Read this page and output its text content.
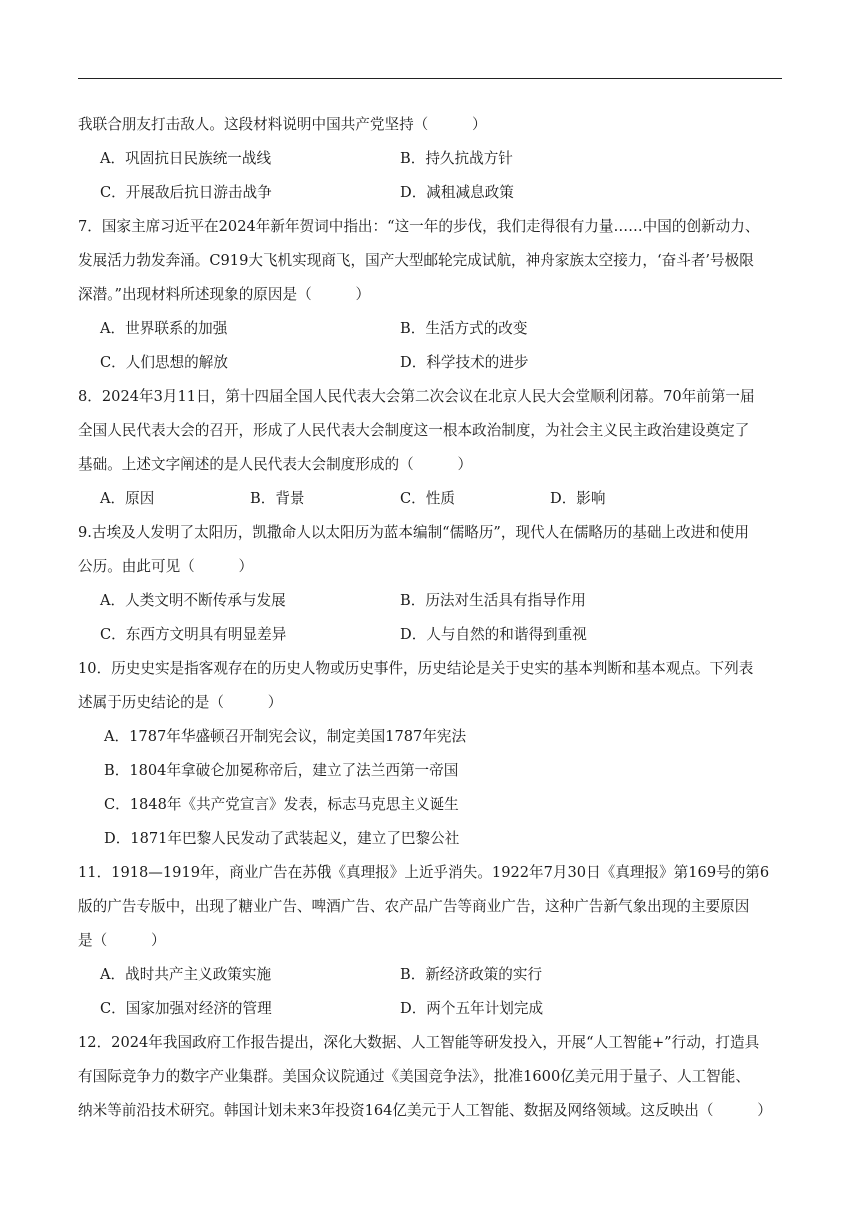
我联合朋友打击敌人。这段材料说明中国共产党坚持（　　　）
A．巩固抗日民族统一战线	B．持久抗战方针
C．开展敌后抗日游击战争	D．减租减息政策
7．国家主席习近平在2024年新年贺词中指出：“这一年的步伐，我们走得很有力量……中国的创新动力、
发展活力勃发奔涌。C919大飞机实现商飞，国产大型邮轮完成试航，神舟家族太空接力，‘奋斗者’号极限
深潜。”出现材料所述现象的原因是（　　　）
A．世界联系的加强	B．生活方式的改变
C．人们思想的解放	D．科学技术的进步
8．2024年3月11日，第十四届全国人民代表大会第二次会议在北京人民大会堂顺利闭幕。70年前第一届
全国人民代表大会的召开，形成了人民代表大会制度这一根本政治制度，为社会主义民主政治建设奠定了
基础。上述文字阐述的是人民代表大会制度形成的（　　　）
A．原因	B．背景	C．性质	D．影响
9.古埃及人发明了太阳历，凯撒命人以太阳历为蓝本编制“儒略历”，现代人在儒略历的基础上改进和使用
公历。由此可见（　　　）
A．人类文明不断传承与发展	B．历法对生活具有指导作用
C．东西方文明具有明显差异	D．人与自然的和谐得到重视
10．历史史实是指客观存在的历史人物或历史事件，历史结论是关于史实的基本判断和基本观点。下列表
述属于历史结论的是（　　　）
A．1787年华盛顿召开制宪会议，制定美国1787年宪法
B．1804年拿破仑加冕称帝后，建立了法兰西第一帝国
C．1848年《共产党宣言》发表，标志马克思主义诞生
D．1871年巴黎人民发动了武装起义，建立了巴黎公社
11．1918—1919年，商业广告在苏俄《真理报》上近乎消失。1922年7月30日《真理报》第169号的第6
版的广告专版中，出现了糖业广告、啤酒广告、农产品广告等商业广告，这种广告新气象出现的主要原因
是（　　　）
A．战时共产主义政策实施	B．新经济政策的实行
C．国家加强对经济的管理	D．两个五年计划完成
12．2024年我国政府工作报告提出，深化大数据、人工智能等研发投入，开展“人工智能+”行动，打造具
有国际竞争力的数字产业集群。美国众议院通过《美国竞争法》，批准1600亿美元用于量子、人工智能、
纳米等前沿技术研究。韩国计划未来3年投资164亿美元于人工智能、数据及网络领域。这反映出（　　　）
